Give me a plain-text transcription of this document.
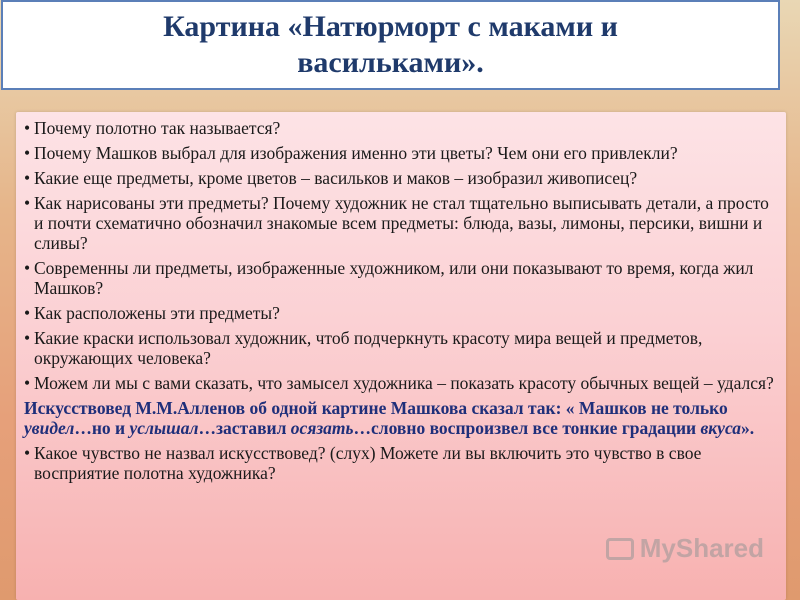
Картина «Натюрморт с маками и васильками».
• Почему полотно так называется?
• Почему Машков выбрал для изображения именно эти цветы? Чем они его привлекли?
• Какие еще предметы, кроме цветов – васильков и маков – изобразил живописец?
• Как нарисованы эти предметы? Почему художник не стал тщательно выписывать детали, а просто и почти схематично обозначил знакомые всем предметы: блюда, вазы, лимоны, персики, вишни и сливы?
• Современны ли предметы, изображенные художником, или они показывают то время, когда жил Машков?
• Как расположены эти предметы?
• Какие краски использовал художник, чтоб подчеркнуть красоту мира вещей и предметов, окружающих человека?
• Можем ли мы с вами сказать, что замысел художника – показать красоту обычных вещей – удался?
Искусствовед М.М.Алленов об одной картине Машкова сказал так: « Машков не только увидел…но и услышал…заставил осязать…словно воспроизвел все тонкие градации вкуса».
• Какое чувство не назвал искусствовед? (слух) Можете ли вы включить это чувство в свое восприятие полотна художника?
MyShared
